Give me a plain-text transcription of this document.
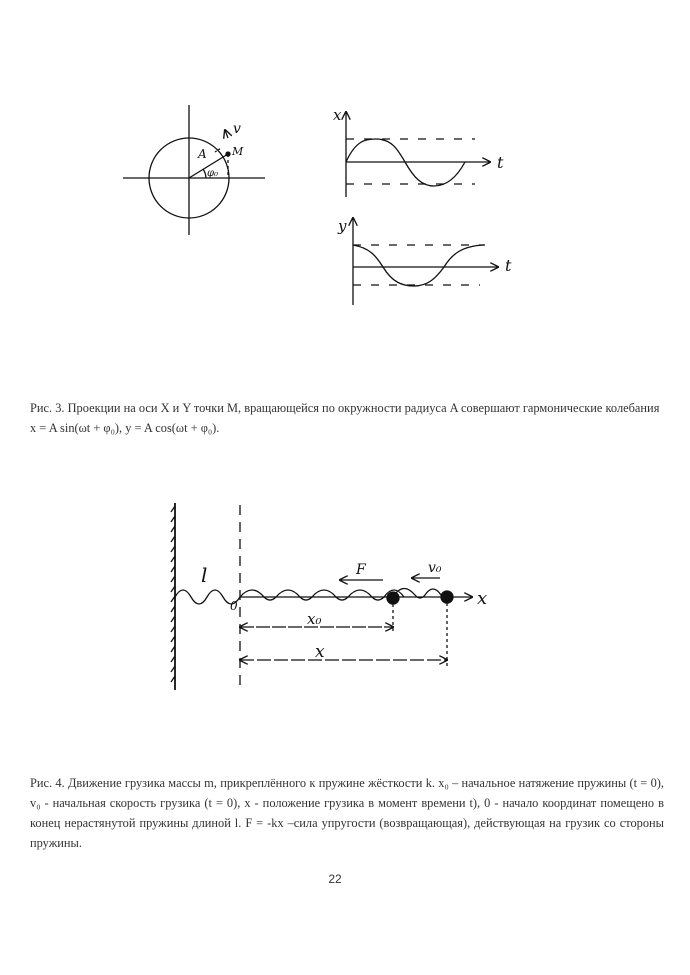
A
φ₀
M
v
x
t
y
t
l
0
F	v₀
x
x₀
x
Рис. 3. Проекции на оси X и Y точки M, вращающейся по окружности радиуса A совершают гармонические колебания x = A sin(ωt + φ₀), y = A cos(ωt + φ₀).
Рис. 4. Движение грузика массы m, прикреплённого к пружине жёсткости k. x₀ – начальное натяжение пружины (t = 0), v₀ - начальная скорость грузика (t = 0), x - положение грузика в момент времени t), 0 - начало координат помещено в конец нерастянутой пружины длиной l. F = -kx –сила упругости (возвращающая), действующая на грузик со стороны пружины.
22
